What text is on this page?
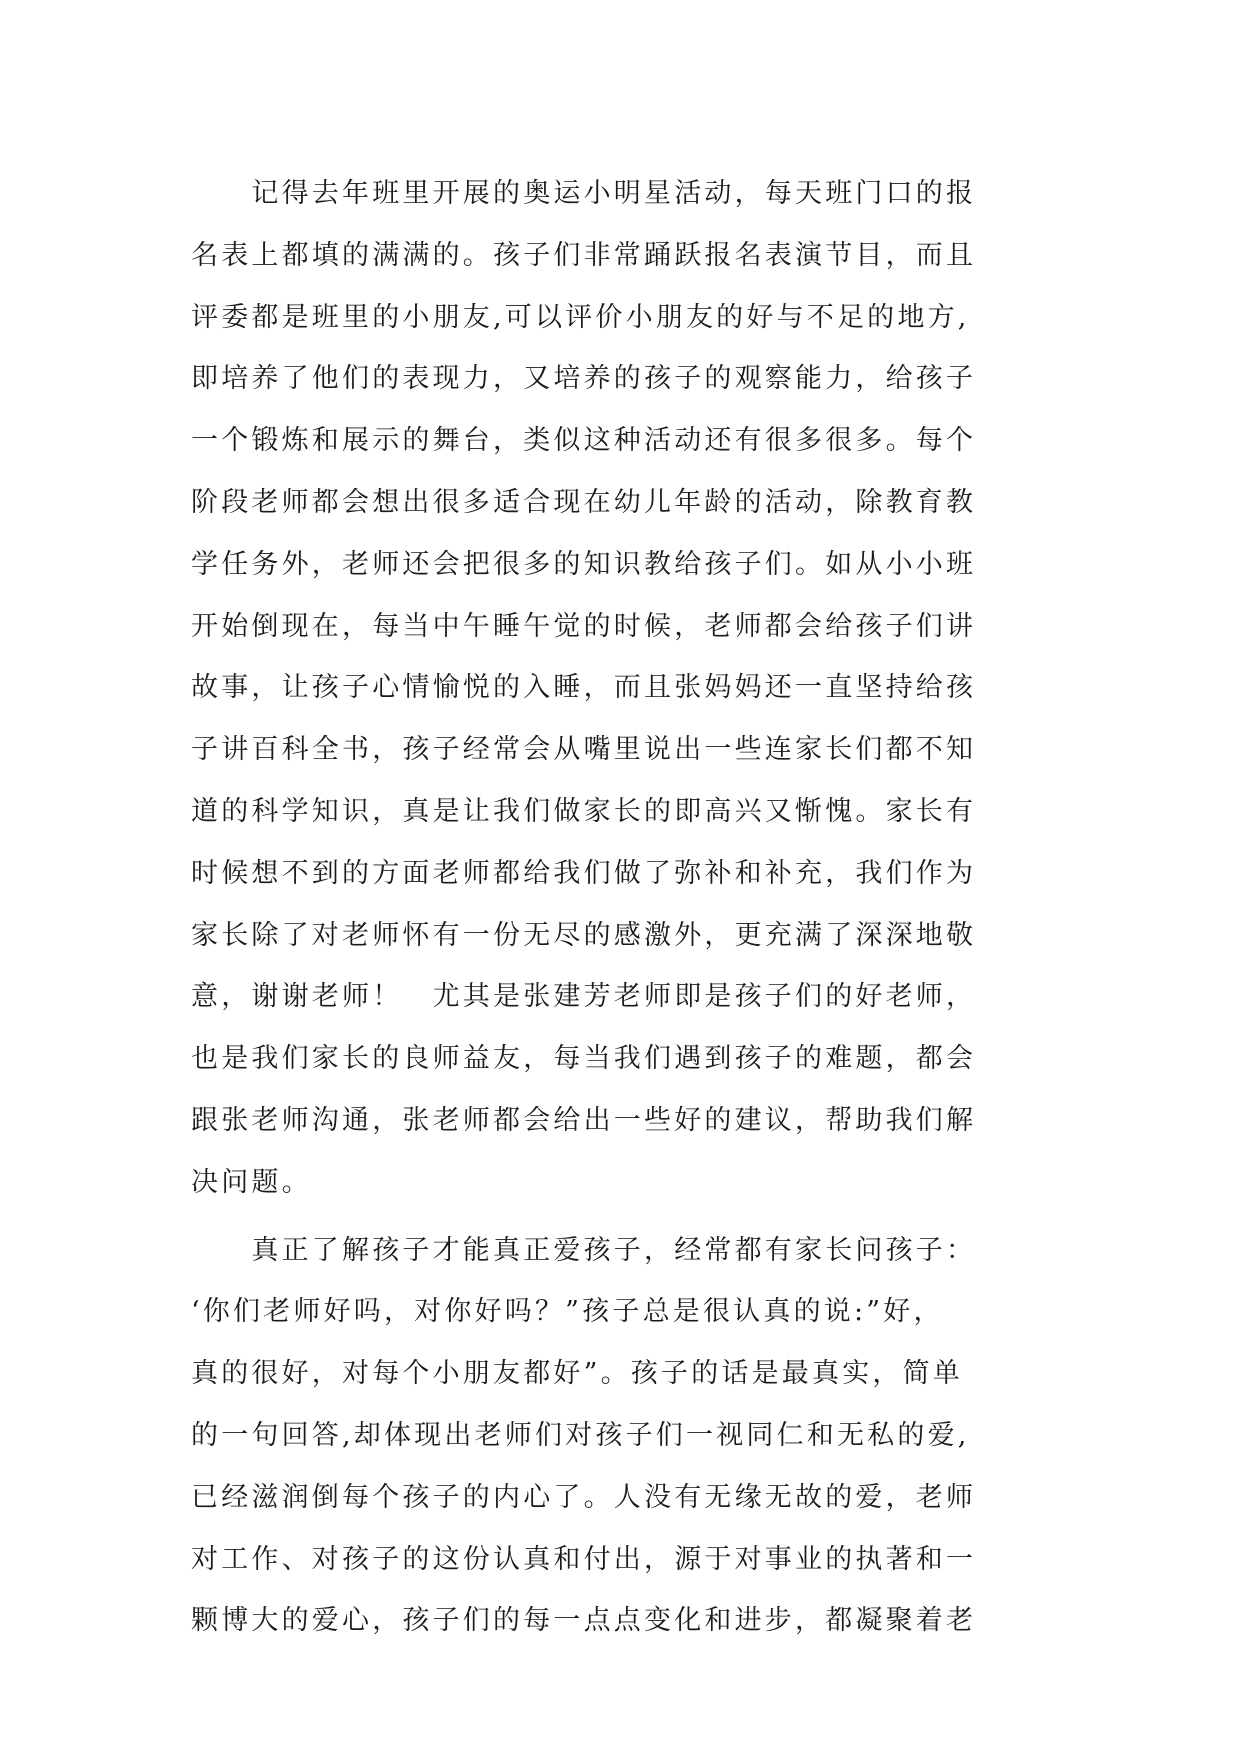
　　记得去年班里开展的奥运小明星活动，每天班门口的报
名表上都填的满满的。孩子们非常踊跃报名表演节目，而且
评委都是班里的小朋友,可以评价小朋友的好与不足的地方,
即培养了他们的表现力，又培养的孩子的观察能力，给孩子
一个锻炼和展示的舞台，类似这种活动还有很多很多。每个
阶段老师都会想出很多适合现在幼儿年龄的活动，除教育教
学任务外，老师还会把很多的知识教给孩子们。如从小小班
开始倒现在，每当中午睡午觉的时候，老师都会给孩子们讲
故事，让孩子心情愉悦的入睡，而且张妈妈还一直坚持给孩
子讲百科全书，孩子经常会从嘴里说出一些连家长们都不知
道的科学知识，真是让我们做家长的即高兴又惭愧。家长有
时候想不到的方面老师都给我们做了弥补和补充，我们作为
家长除了对老师怀有一份无尽的感激外，更充满了深深地敬
意，谢谢老师！　尤其是张建芳老师即是孩子们的好老师，
也是我们家长的良师益友，每当我们遇到孩子的难题，都会
跟张老师沟通，张老师都会给出一些好的建议，帮助我们解
决问题。
　　真正了解孩子才能真正爱孩子，经常都有家长问孩子：
‘你们老师好吗，对你好吗？”孩子总是很认真的说:”好，
真的很好，对每个小朋友都好”。孩子的话是最真实，简单
的一句回答,却体现出老师们对孩子们一视同仁和无私的爱,
已经滋润倒每个孩子的内心了。人没有无缘无故的爱，老师
对工作、对孩子的这份认真和付出，源于对事业的执著和一
颗博大的爱心，孩子们的每一点点变化和进步，都凝聚着老
